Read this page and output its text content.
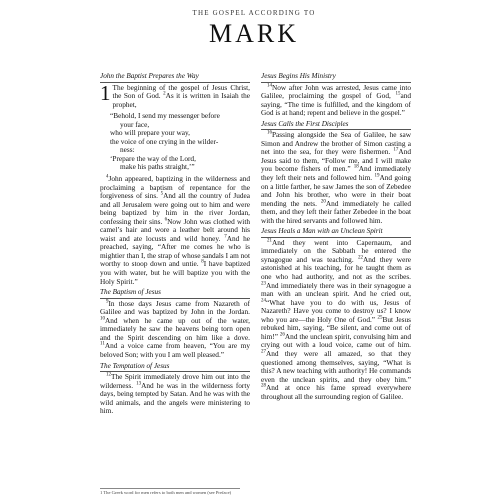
THE GOSPEL ACCORDING TO
MARK
John the Baptist Prepares the Way

1 The beginning of the gospel of Jesus Christ, the Son of God. $^2$As it is written in Isaiah the prophet,

“Behold, I send my messenger before
your face,
who will prepare your way,
the voice of one crying in the wilder-
ness:
‘Prepare the way of the Lord,
make his paths straight,’”

$^4$John appeared, baptizing in the wilderness and proclaiming a baptism of repentance for the forgiveness of sins. $^5$And all the country of Judea and all Jerusalem were going out to him and were being baptized by him in the river Jordan, confessing their sins. $^6$Now John was clothed with camel’s hair and wore a leather belt around his waist and ate locusts and wild honey. $^7$And he preached, saying, “After me comes he who is mightier than I, the strap of whose sandals I am not worthy to stoop down and untie. $^8$I have baptized you with water, but he will baptize you with the Holy Spirit.”

The Baptism of Jesus

$^9$In those days Jesus came from Nazareth of Galilee and was baptized by John in the Jordan. $^{10}$And when he came up out of the water, immediately he saw the heavens being torn open and the Spirit descending on him like a dove. $^{11}$And a voice came from heaven, “You are my beloved Son; with you I am well pleased.”

The Temptation of Jesus

$^{12}$The Spirit immediately drove him out into the wilderness. $^{13}$And he was in the wilderness forty days, being tempted by Satan. And he was with the wild animals, and the angels were ministering to him.

Jesus Begins His Ministry

$^{14}$Now after John was arrested, Jesus came into Galilee, proclaiming the gospel of God, $^{15}$and saying, “The time is fulfilled, and the kingdom of God is at hand; repent and believe in the gospel.”

Jesus Calls the First Disciples

$^{16}$Passing alongside the Sea of Galilee, he saw Simon and Andrew the brother of Simon casting a net into the sea, for they were fishermen. $^{17}$And Jesus said to them, “Follow me, and I will make you become fishers of men.” $^{18}$And immediately they left their nets and followed him. $^{19}$And going on a little farther, he saw James the son of Zebedee and John his brother, who were in their boat mending the nets. $^{20}$And immediately he called them, and they left their father Zebedee in the boat with the hired servants and followed him.

Jesus Heals a Man with an Unclean Spirit

$^{21}$And they went into Capernaum, and immediately on the Sabbath he entered the synagogue and was teaching. $^{22}$And they were astonished at his teaching, for he taught them as one who had authority, and not as the scribes. $^{23}$And immediately there was in their synagogue a man with an unclean spirit. And he cried out, $^{24}$“What have you to do with us, Jesus of Nazareth? Have you come to destroy us? I know who you are—the Holy One of God.” $^{25}$But Jesus rebuked him, saying, “Be silent, and come out of him!” $^{26}$And the unclean spirit, convulsing him and crying out with a loud voice, came out of him. $^{27}$And they were all amazed, so that they questioned among themselves, saying, “What is this? A new teaching with authority! He commands even the unclean spirits, and they obey him.” $^{28}$And at once his fame spread everywhere throughout all the surrounding region of Galilee.

1 The Greek word for men refers to both men and women (see Preface)
